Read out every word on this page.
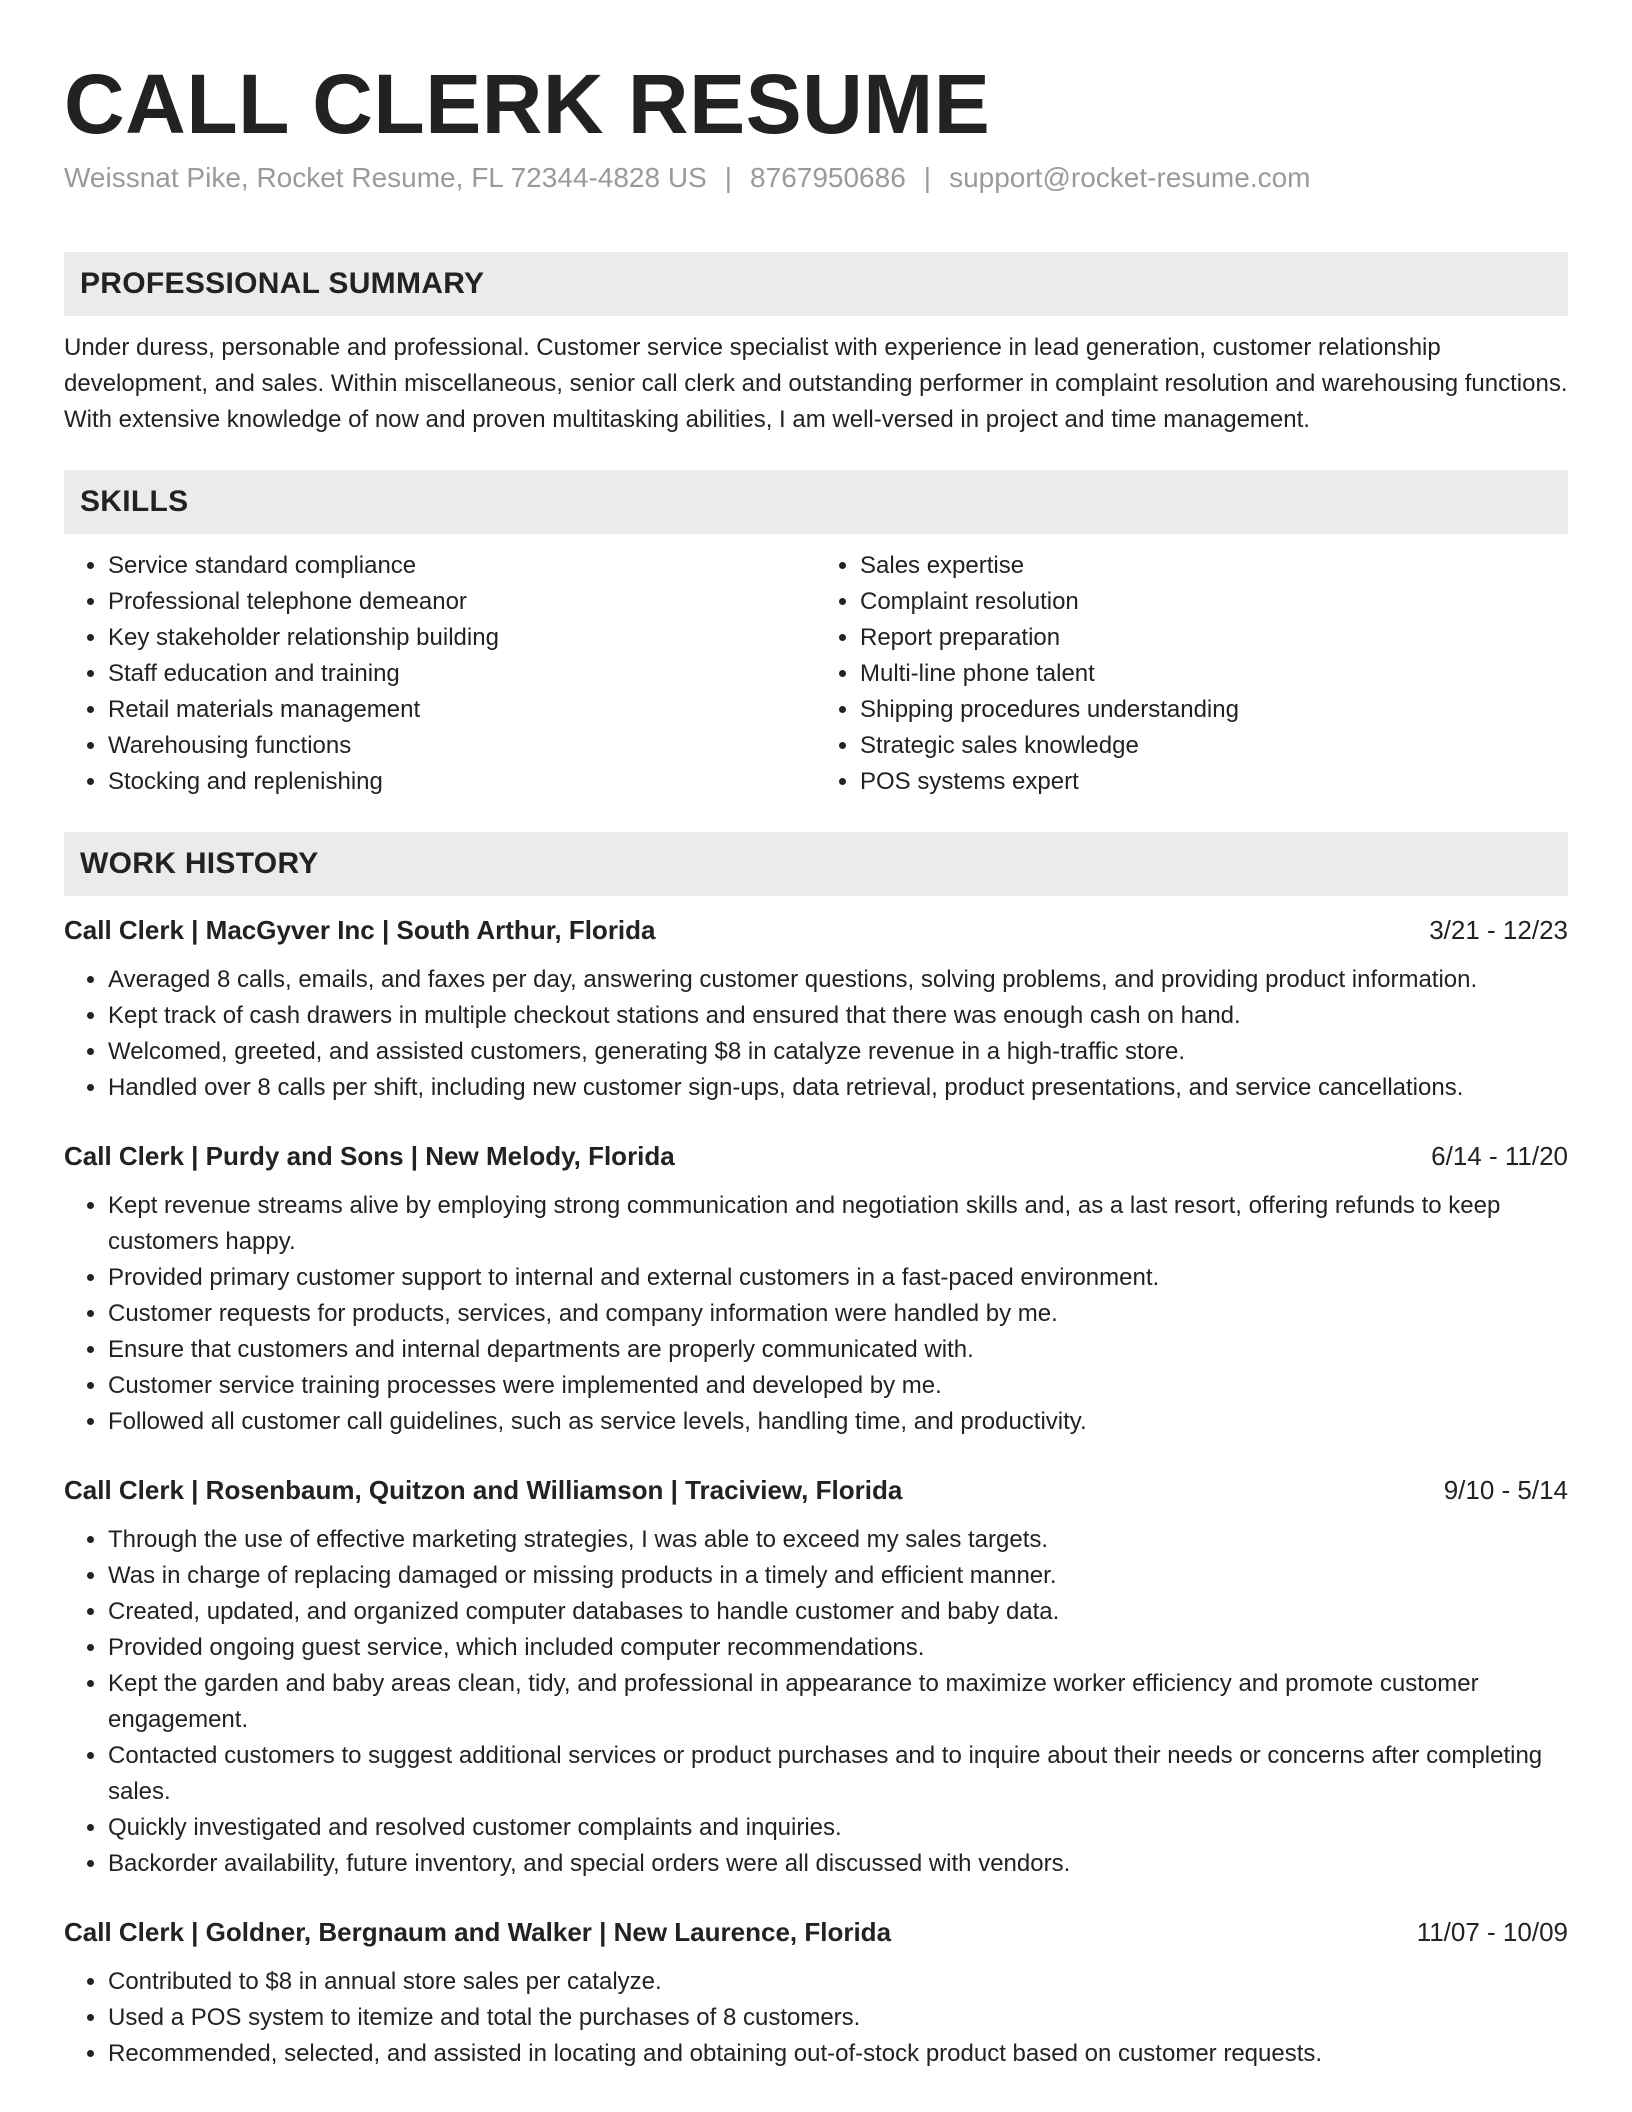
CALL CLERK RESUME
Weissnat Pike, Rocket Resume, FL 72344-4828 US | 8767950686 | support@rocket-resume.com
PROFESSIONAL SUMMARY

Under duress, personable and professional. Customer service specialist with experience in lead generation, customer relationship development, and sales. Within miscellaneous, senior call clerk and outstanding performer in complaint resolution and warehousing functions. With extensive knowledge of now and proven multitasking abilities, I am well-versed in project and time management.

SKILLS
• Service standard compliance
• Professional telephone demeanor
• Key stakeholder relationship building
• Staff education and training
• Retail materials management
• Warehousing functions
• Stocking and replenishing
• Sales expertise
• Complaint resolution
• Report preparation
• Multi-line phone talent
• Shipping procedures understanding
• Strategic sales knowledge
• POS systems expert
WORK HISTORY
Call Clerk | MacGyver Inc | South Arthur, Florida	3/21 - 12/23
• Averaged 8 calls, emails, and faxes per day, answering customer questions, solving problems, and providing product information.
• Kept track of cash drawers in multiple checkout stations and ensured that there was enough cash on hand.
• Welcomed, greeted, and assisted customers, generating $8 in catalyze revenue in a high-traffic store.
• Handled over 8 calls per shift, including new customer sign-ups, data retrieval, product presentations, and service cancellations.
Call Clerk | Purdy and Sons | New Melody, Florida	6/14 - 11/20
• Kept revenue streams alive by employing strong communication and negotiation skills and, as a last resort, offering refunds to keep customers happy.
• Provided primary customer support to internal and external customers in a fast-paced environment.
• Customer requests for products, services, and company information were handled by me.
• Ensure that customers and internal departments are properly communicated with.
• Customer service training processes were implemented and developed by me.
• Followed all customer call guidelines, such as service levels, handling time, and productivity.
Call Clerk | Rosenbaum, Quitzon and Williamson | Traciview, Florida	9/10 - 5/14
• Through the use of effective marketing strategies, I was able to exceed my sales targets.
• Was in charge of replacing damaged or missing products in a timely and efficient manner.
• Created, updated, and organized computer databases to handle customer and baby data.
• Provided ongoing guest service, which included computer recommendations.
• Kept the garden and baby areas clean, tidy, and professional in appearance to maximize worker efficiency and promote customer engagement.
• Contacted customers to suggest additional services or product purchases and to inquire about their needs or concerns after completing sales.
• Quickly investigated and resolved customer complaints and inquiries.
• Backorder availability, future inventory, and special orders were all discussed with vendors.
Call Clerk | Goldner, Bergnaum and Walker | New Laurence, Florida	11/07 - 10/09
• Contributed to $8 in annual store sales per catalyze.
• Used a POS system to itemize and total the purchases of 8 customers.
• Recommended, selected, and assisted in locating and obtaining out-of-stock product based on customer requests.
